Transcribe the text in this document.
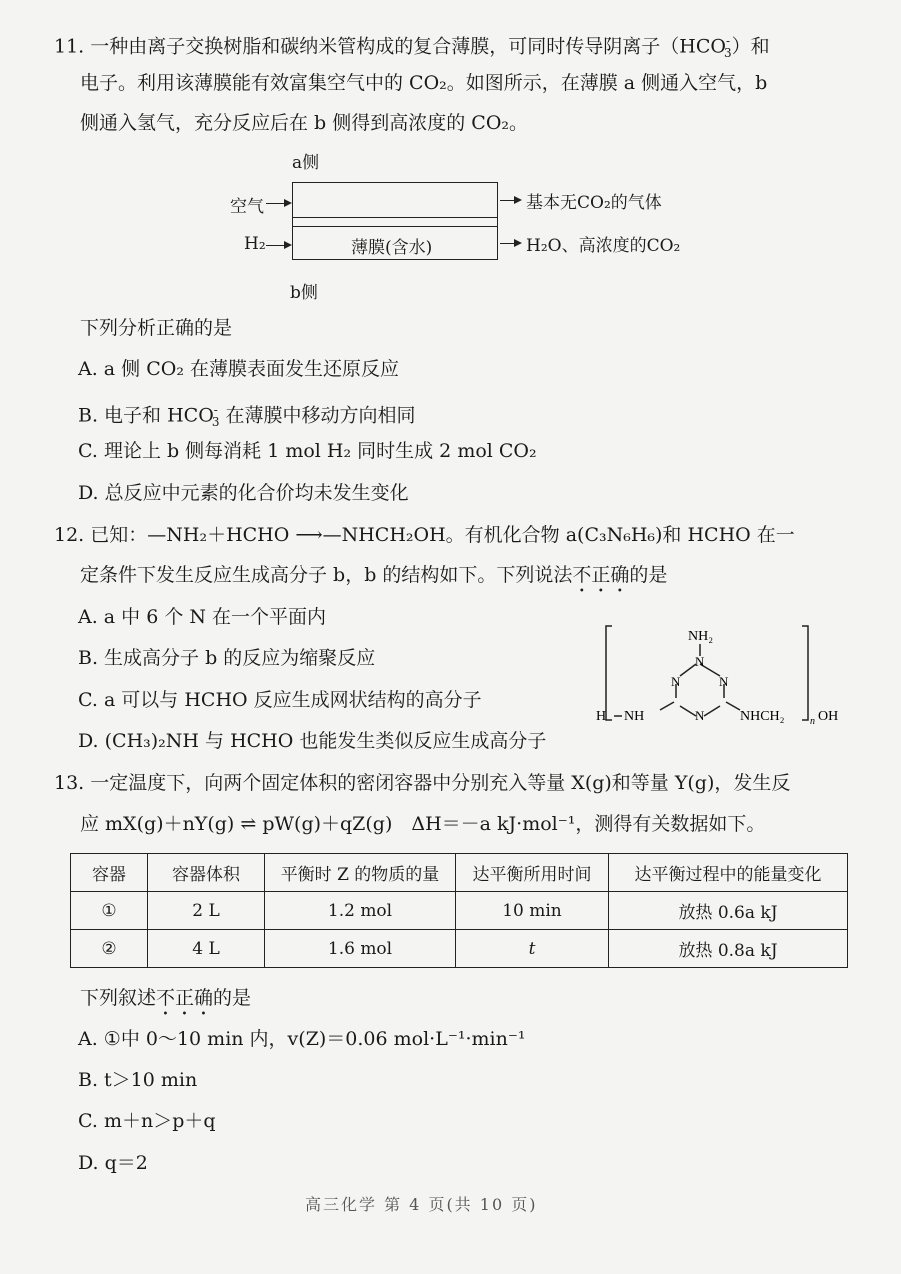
11. 一种由离子交换树脂和碳纳米管构成的复合薄膜，可同时传导阴离子$(HCO^-_3)$和
电子。利用该薄膜能有效富集空气中的 CO₂。如图所示，在薄膜 a 侧通入空气，b
侧通入氢气，充分反应后在 b 侧得到高浓度的 CO₂。
a侧
空气
H₂	薄膜(含水)
基本无CO₂的气体
H₂O、高浓度的CO₂
b侧
下列分析正确的是
A. a 侧 CO₂ 在薄膜表面发生还原反应
B. 电子和 $HCO^-_3$ 在薄膜中移动方向相同
C. 理论上 b 侧每消耗 1 mol H₂ 同时生成 2 mol CO₂
D. 总反应中元素的化合价均未发生变化
12. 已知：—NH₂＋HCHO ⟶—NHCH₂OH。有机化合物 a(C₃N₆H₆)和 HCHO 在一
定条件下发生反应生成高分子 b，b 的结构如下。下列说法不正确的是
A. a 中 6 个 N 在一个平面内
B. 生成高分子 b 的反应为缩聚反应
C. a 可以与 HCHO 反应生成网状结构的高分子
D. (CH₃)₂NH 与 HCHO 也能发生类似反应生成高分子
NH₂
N
N
N
N
H NH	NHCH₂	n OH
13. 一定温度下，向两个固定体积的密闭容器中分别充入等量 X(g)和等量 Y(g)，发生反
应 mX(g)＋nY(g) ⇌ pW(g)＋qZ(g)　ΔH＝－a kJ·mol⁻¹，测得有关数据如下。
容器	容器体积	平衡时 Z 的物质的量	达平衡所用时间	达平衡过程中的能量变化
①	2 L	1.2 mol	10 min	放热 0.6a kJ
②	4 L	1.6 mol	t	放热 0.8a kJ
下列叙述不正确的是
A. ①中 0～10 min 内，v(Z)＝0.06 mol·L⁻¹·min⁻¹
B. t＞10 min
C. m＋n＞p＋q
D. q＝2
高三化学 第 4 页(共 10 页)
